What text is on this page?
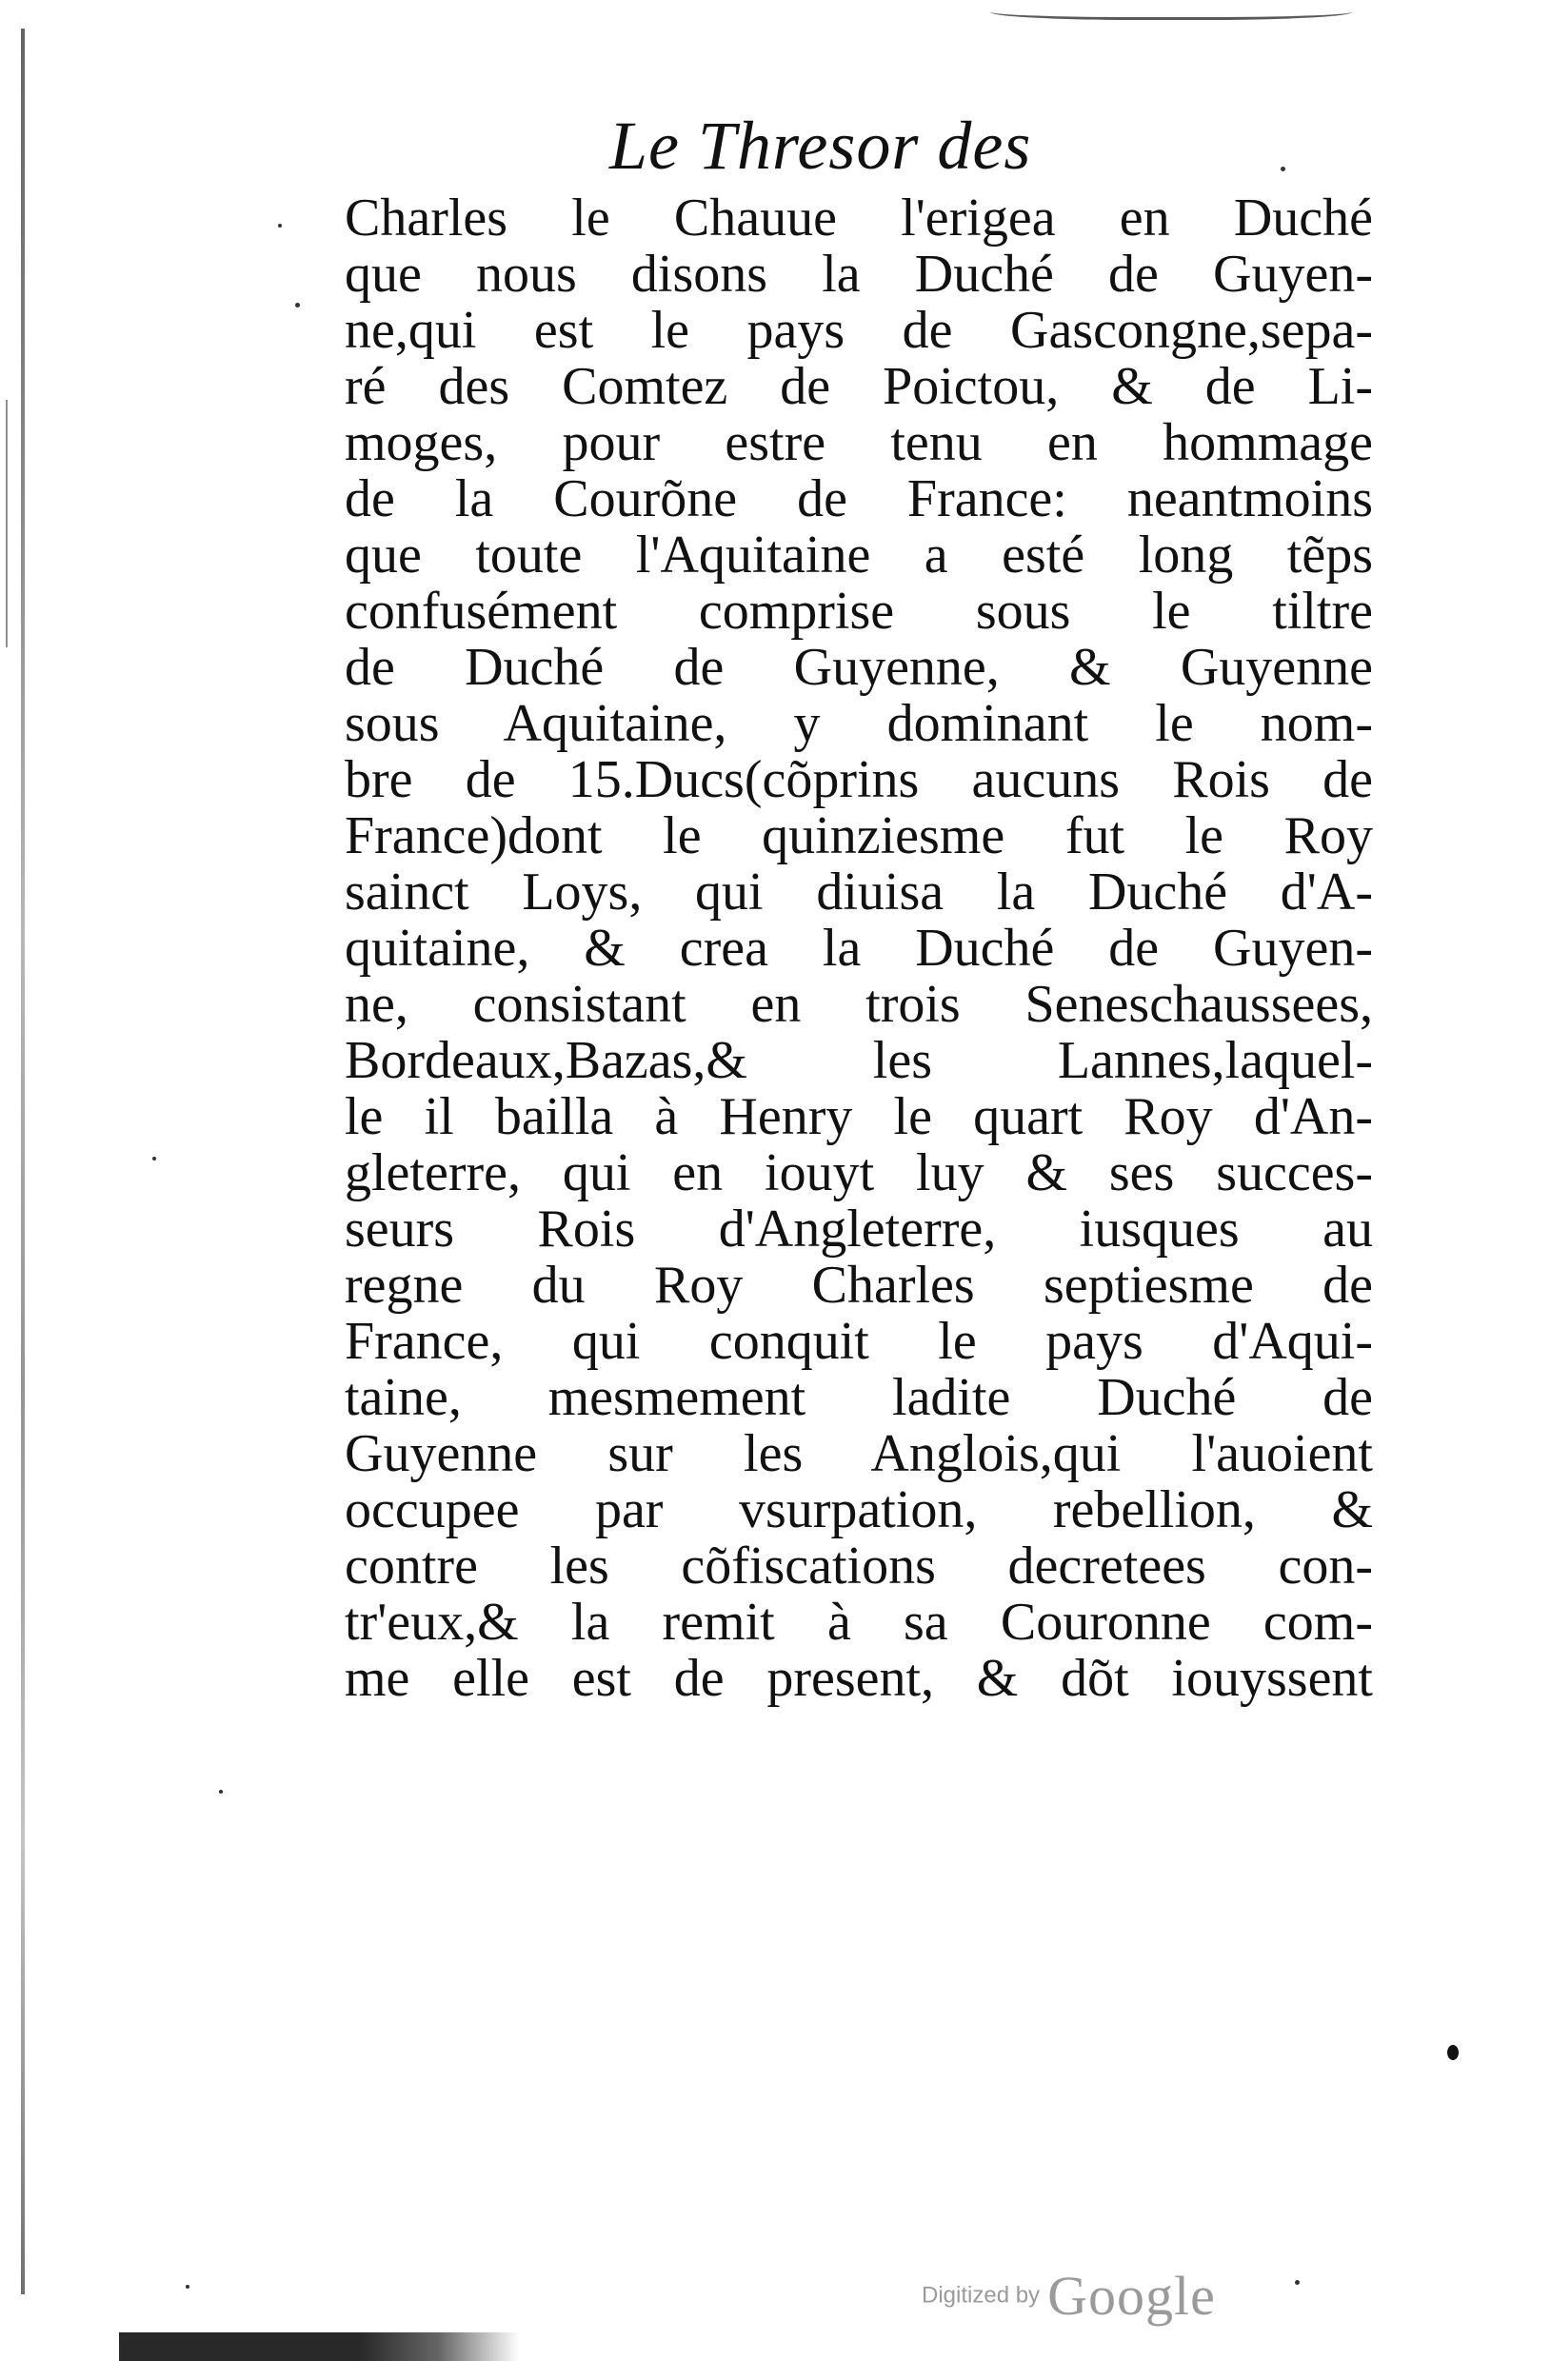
Le Thresor des
Charles le Chauue l'erigea en Duché
que nous disons la Duché de Guyen-
ne,qui est le pays de Gascongne,sepa-
ré des Comtez de Poictou, & de Li-
moges, pour estre tenu en hommage
de la Courõne de France: neantmoins
que toute l'Aquitaine a esté long tẽps
confusément comprise sous le tiltre
de Duché de Guyenne, & Guyenne
sous Aquitaine, y dominant le nom-
bre de 15.Ducs(cõprins aucuns Rois de
France)dont le quinziesme fut le Roy
sainct Loys, qui diuisa la Duché d'A-
quitaine, & crea la Duché de Guyen-
ne, consistant en trois Seneschaussees,
Bordeaux,Bazas,& les Lannes,laquel-
le il bailla à Henry le quart Roy d'An-
gleterre, qui en iouyt luy & ses succes-
seurs Rois d'Angleterre, iusques au
regne du Roy Charles septiesme de
France, qui conquit le pays d'Aqui-
taine, mesmement ladite Duché de
Guyenne sur les Anglois,qui l'auoient
occupee par vsurpation, rebellion, &
contre les cõfiscations decretees con-
tr'eux,& la remit à sa Couronne com-
me elle est de present, & dõt iouyssent
Digitized by Google
